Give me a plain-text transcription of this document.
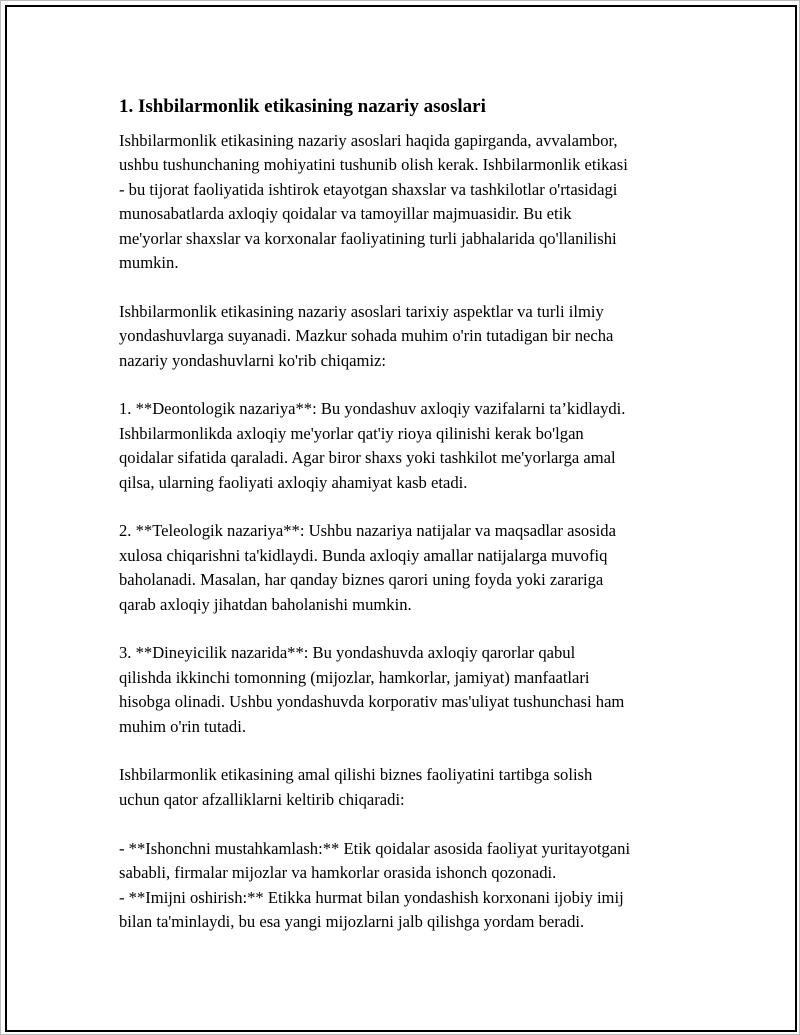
1. Ishbilarmonlik etikasining nazariy asoslari
Ishbilarmonlik etikasining nazariy asoslari haqida gapirganda, avvalambor,
ushbu tushunchaning mohiyatini tushunib olish kerak. Ishbilarmonlik etikasi
- bu tijorat faoliyatida ishtirok etayotgan shaxslar va tashkilotlar o'rtasidagi
munosabatlarda axloqiy qoidalar va tamoyillar majmuasidir. Bu etik
me'yorlar shaxslar va korxonalar faoliyatining turli jabhalarida qo'llanilishi
mumkin.
Ishbilarmonlik etikasining nazariy asoslari tarixiy aspektlar va turli ilmiy
yondashuvlarga suyanadi. Mazkur sohada muhim o'rin tutadigan bir necha
nazariy yondashuvlarni ko'rib chiqamiz:
1. **Deontologik nazariya**: Bu yondashuv axloqiy vazifalarni ta’kidlaydi.
Ishbilarmonlikda axloqiy me'yorlar qat'iy rioya qilinishi kerak bo'lgan
qoidalar sifatida qaraladi. Agar biror shaxs yoki tashkilot me'yorlarga amal
qilsa, ularning faoliyati axloqiy ahamiyat kasb etadi.
2. **Teleologik nazariya**: Ushbu nazariya natijalar va maqsadlar asosida
xulosa chiqarishni ta'kidlaydi. Bunda axloqiy amallar natijalarga muvofiq
baholanadi. Masalan, har qanday biznes qarori uning foyda yoki zarariga
qarab axloqiy jihatdan baholanishi mumkin.
3. **Dineyicilik nazarida**: Bu yondashuvda axloqiy qarorlar qabul
qilishda ikkinchi tomonning (mijozlar, hamkorlar, jamiyat) manfaatlari
hisobga olinadi. Ushbu yondashuvda korporativ mas'uliyat tushunchasi ham
muhim o'rin tutadi.
Ishbilarmonlik etikasining amal qilishi biznes faoliyatini tartibga solish
uchun qator afzalliklarni keltirib chiqaradi:
- **Ishonchni mustahkamlash:** Etik qoidalar asosida faoliyat yuritayotgani
sababli, firmalar mijozlar va hamkorlar orasida ishonch qozonadi.
- **Imijni oshirish:** Etikka hurmat bilan yondashish korxonani ijobiy imij
bilan ta'minlaydi, bu esa yangi mijozlarni jalb qilishga yordam beradi.
